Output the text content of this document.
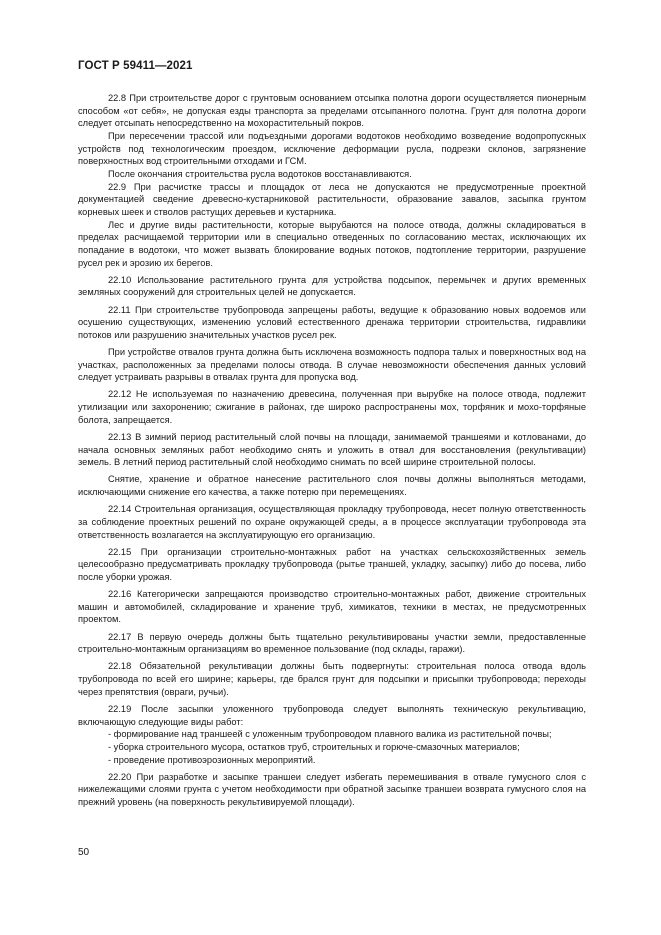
ГОСТ Р 59411—2021

22.8 При строительстве дорог с грунтовым основанием отсыпка полотна дороги осуществляется пионерным способом «от себя», не допуская езды транспорта за пределами отсыпанного полотна. Грунт для полотна дороги следует отсыпать непосредственно на мохорастительный покров.

При пересечении трассой или подъездными дорогами водотоков необходимо возведение водопропускных устройств под технологическим проездом, исключение деформации русла, подрезки склонов, загрязнение поверхностных вод строительными отходами и ГСМ.

После окончания строительства русла водотоков восстанавливаются.

22.9 При расчистке трассы и площадок от леса не допускаются не предусмотренные проектной документацией сведение древесно-кустарниковой растительности, образование завалов, засыпка грунтом корневых шеек и стволов растущих деревьев и кустарника.

Лес и другие виды растительности, которые вырубаются на полосе отвода, должны складироваться в пределах расчищаемой территории или в специально отведенных по согласованию местах, исключающих их попадание в водотоки, что может вызвать блокирование водных потоков, подтопление территории, разрушение русел рек и эрозию их берегов.

22.10 Использование растительного грунта для устройства подсыпок, перемычек и других временных земляных сооружений для строительных целей не допускается.

22.11 При строительстве трубопровода запрещены работы, ведущие к образованию новых водоемов или осушению существующих, изменению условий естественного дренажа территории строительства, гидравлики потоков или разрушению значительных участков русел рек.

При устройстве отвалов грунта должна быть исключена возможность подпора талых и поверхностных вод на участках, расположенных за пределами полосы отвода. В случае невозможности обеспечения данных условий следует устраивать разрывы в отвалах грунта для пропуска вод.

22.12 Не используемая по назначению древесина, полученная при вырубке на полосе отвода, подлежит утилизации или захоронению; сжигание в районах, где широко распространены мох, торфяник и мохо-торфяные болота, запрещается.

22.13 В зимний период растительный слой почвы на площади, занимаемой траншеями и котлованами, до начала основных земляных работ необходимо снять и уложить в отвал для восстановления (рекультивации) земель. В летний период растительный слой необходимо снимать по всей ширине строительной полосы.

Снятие, хранение и обратное нанесение растительного слоя почвы должны выполняться методами, исключающими снижение его качества, а также потерю при перемещениях.

22.14 Строительная организация, осуществляющая прокладку трубопровода, несет полную ответственность за соблюдение проектных решений по охране окружающей среды, а в процессе эксплуатации трубопровода эта ответственность возлагается на эксплуатирующую его организацию.

22.15 При организации строительно-монтажных работ на участках сельскохозяйственных земель целесообразно предусматривать прокладку трубопровода (рытье траншей, укладку, засыпку) либо до посева, либо после уборки урожая.

22.16 Категорически запрещаются производство строительно-монтажных работ, движение строительных машин и автомобилей, складирование и хранение труб, химикатов, техники в местах, не предусмотренных проектом.

22.17 В первую очередь должны быть тщательно рекультивированы участки земли, предоставленные строительно-монтажным организациям во временное пользование (под склады, гаражи).

22.18 Обязательной рекультивации должны быть подвергнуты: строительная полоса отвода вдоль трубопровода по всей его ширине; карьеры, где брался грунт для подсыпки и присыпки трубопровода; переходы через препятствия (овраги, ручьи).

22.19 После засыпки уложенного трубопровода следует выполнять техническую рекультивацию, включающую следующие виды работ:

- формирование над траншеей с уложенным трубопроводом плавного валика из растительной почвы;

- уборка строительного мусора, остатков труб, строительных и горюче-смазочных материалов;

- проведение противоэрозионных мероприятий.

22.20 При разработке и засыпке траншеи следует избегать перемешивания в отвале гумусного слоя с нижележащими слоями грунта с учетом необходимости при обратной засыпке траншеи возврата гумусного слоя на прежний уровень (на поверхность рекультивируемой площади).

50
